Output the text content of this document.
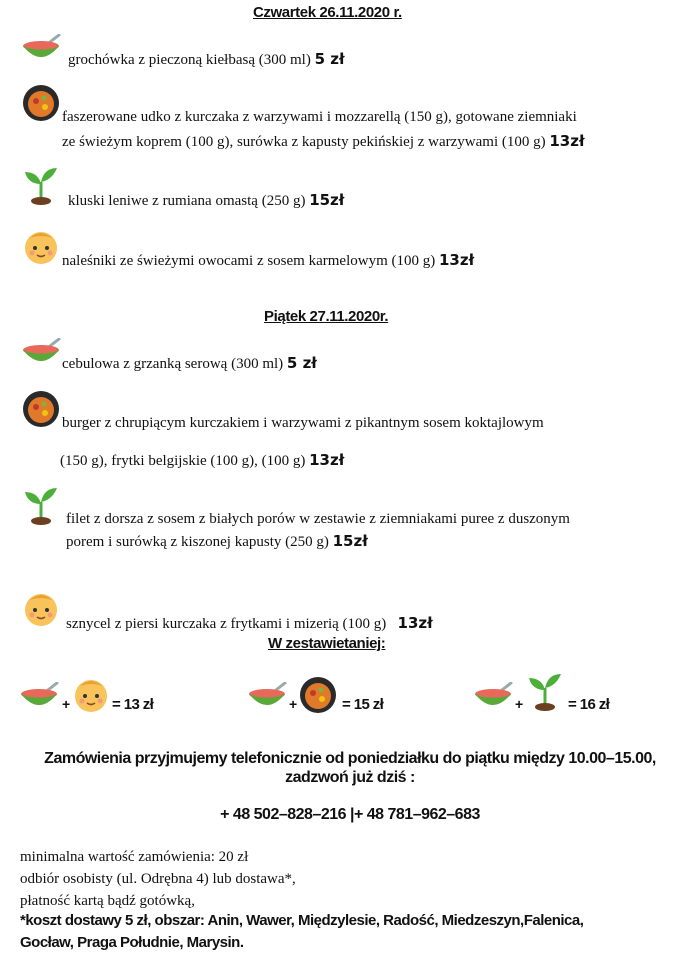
Czwartek 26.11.2020 r.
grochówka z pieczoną kiełbasą (300 ml) 5 zł
faszerowane udko z kurczaka z warzywami i mozzarellą (150 g), gotowane ziemniaki
ze świeżym koprem (100 g), surówka z kapusty pekińskiej z warzywami (100 g) 13zł
kluski leniwe z rumiana omastą (250 g) 15zł
naleśniki ze świeżymi owocami z sosem karmelowym (100 g) 13zł
Piątek 27.11.2020r.
cebulowa z grzanką serową (300 ml) 5 zł
burger z chrupiącym kurczakiem i warzywami z pikantnym sosem koktajlowym
(150 g), frytki belgijskie (100 g), (100 g) 13zł
filet z dorsza z sosem z białych porów w zestawie z ziemniakami puree z duszonym
porem i surówką z kiszonej kapusty (250 g) 15zł
sznycel z piersi kurczaka z frytkami i mizerią (100 g) 13zł
W zestawietaniej:
+	= 13 zł	+	= 15 zł	+	= 16 zł
Zamówienia przyjmujemy telefonicznie od poniedziałku do piątku między 10.00–15.00,
zadzwoń już dziś :
+ 48 502–828–216 |+ 48 781–962–683
minimalna wartość zamówienia: 20 zł
odbiór osobisty (ul. Odrębna 4) lub dostawa*,
płatność kartą bądź gotówką,
*koszt dostawy 5 zł, obszar: Anin, Wawer, Międzylesie, Radość, Miedzeszyn,Falenica,
Gocław, Praga Południe, Marysin.
